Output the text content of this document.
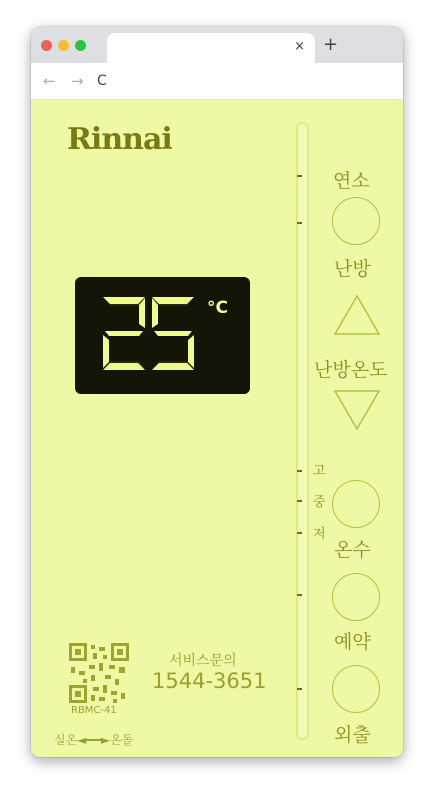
× +
← → C
Rinnai
°C
연소
난방
난방온도
고
중
저
온수
예약
외출
RBMC-41
서비스문의
1544-3651
실온◄━━►온돌
